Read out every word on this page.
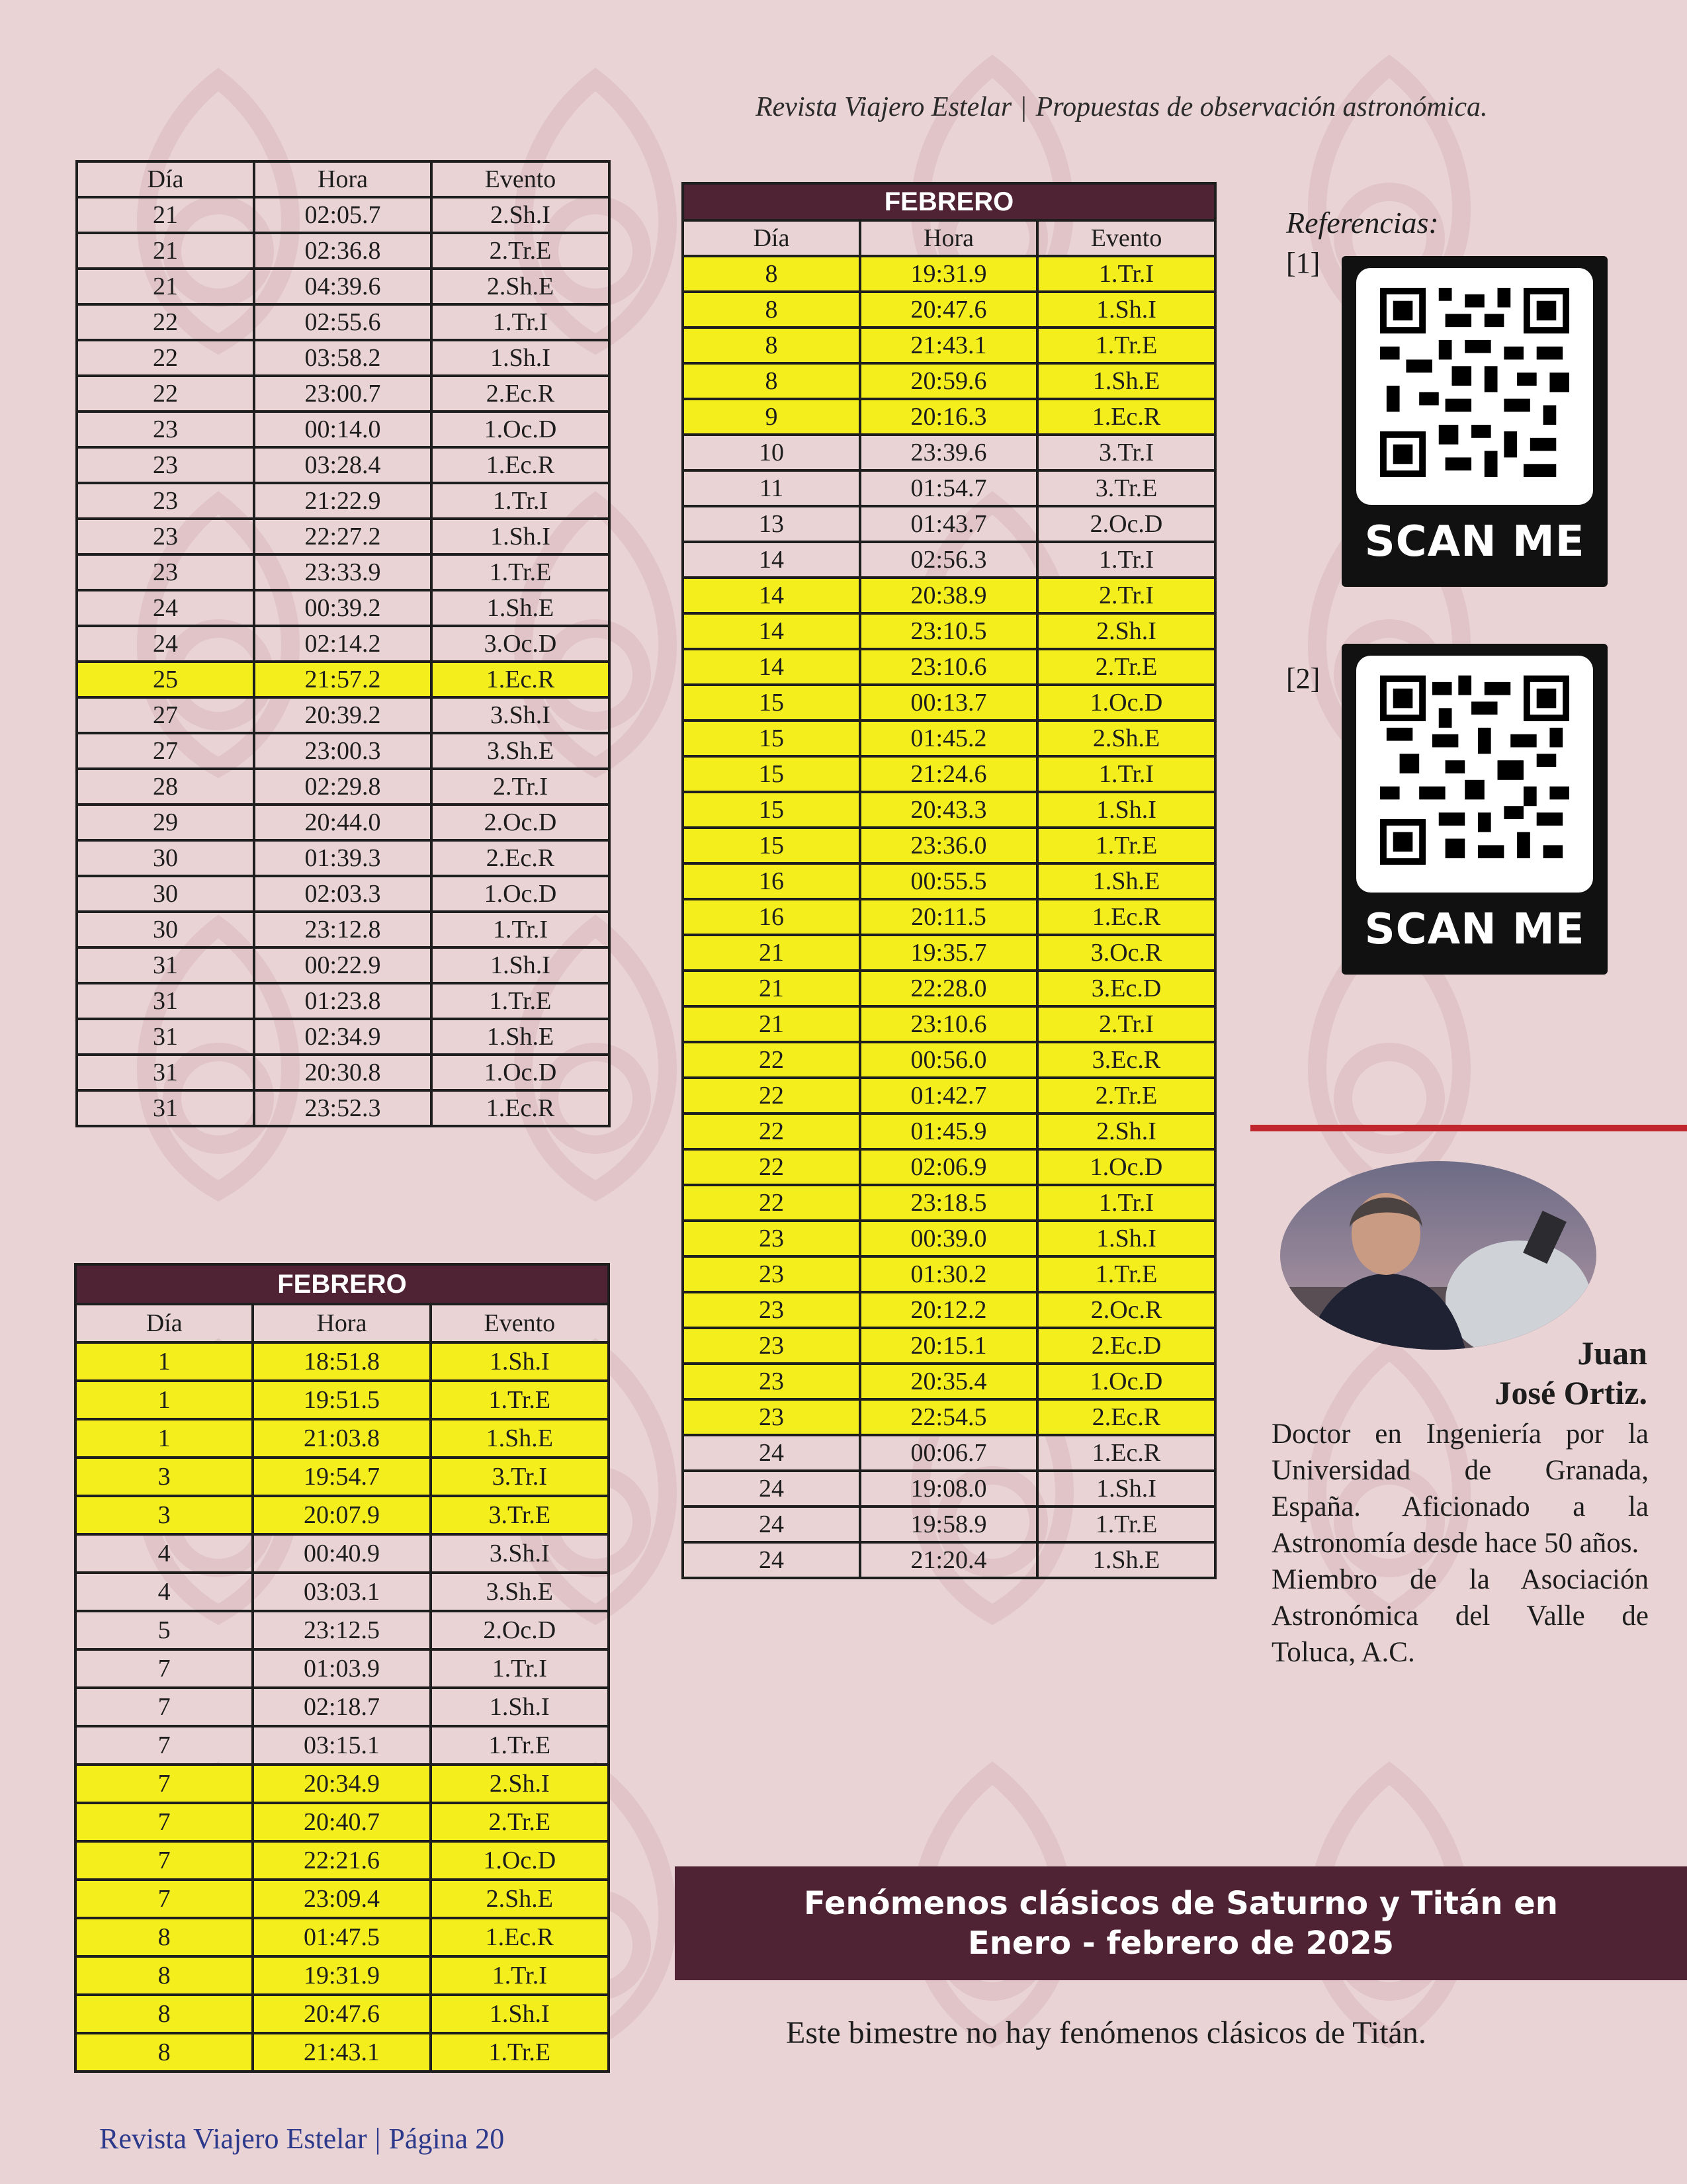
Revista Viajero Estelar | Propuestas de observación astronómica.
Día	Hora	Evento
21	02:05.7	2.Sh.I
21	02:36.8	2.Tr.E
21	04:39.6	2.Sh.E
22	02:55.6	1.Tr.I
22	03:58.2	1.Sh.I
22	23:00.7	2.Ec.R
23	00:14.0	1.Oc.D
23	03:28.4	1.Ec.R
23	21:22.9	1.Tr.I
23	22:27.2	1.Sh.I
23	23:33.9	1.Tr.E
24	00:39.2	1.Sh.E
24	02:14.2	3.Oc.D
25	21:57.2	1.Ec.R
27	20:39.2	3.Sh.I
27	23:00.3	3.Sh.E
28	02:29.8	2.Tr.I
29	20:44.0	2.Oc.D
30	01:39.3	2.Ec.R
30	02:03.3	1.Oc.D
30	23:12.8	1.Tr.I
31	00:22.9	1.Sh.I
31	01:23.8	1.Tr.E
31	02:34.9	1.Sh.E
31	20:30.8	1.Oc.D
31	23:52.3	1.Ec.R
FEBRERO		
Día	Hora	Evento
1	18:51.8	1.Sh.I
1	19:51.5	1.Tr.E
1	21:03.8	1.Sh.E
3	19:54.7	3.Tr.I
3	20:07.9	3.Tr.E
4	00:40.9	3.Sh.I
4	03:03.1	3.Sh.E
5	23:12.5	2.Oc.D
7	01:03.9	1.Tr.I
7	02:18.7	1.Sh.I
7	03:15.1	1.Tr.E
7	20:34.9	2.Sh.I
7	20:40.7	2.Tr.E
7	22:21.6	1.Oc.D
7	23:09.4	2.Sh.E
8	01:47.5	1.Ec.R
8	19:31.9	1.Tr.I
8	20:47.6	1.Sh.I
8	21:43.1	1.Tr.E
FEBRERO		
Día	Hora	Evento
8	19:31.9	1.Tr.I
8	20:47.6	1.Sh.I
8	21:43.1	1.Tr.E
8	20:59.6	1.Sh.E
9	20:16.3	1.Ec.R
10	23:39.6	3.Tr.I
11	01:54.7	3.Tr.E
13	01:43.7	2.Oc.D
14	02:56.3	1.Tr.I
14	20:38.9	2.Tr.I
14	23:10.5	2.Sh.I
14	23:10.6	2.Tr.E
15	00:13.7	1.Oc.D
15	01:45.2	2.Sh.E
15	21:24.6	1.Tr.I
15	20:43.3	1.Sh.I
15	23:36.0	1.Tr.E
16	00:55.5	1.Sh.E
16	20:11.5	1.Ec.R
21	19:35.7	3.Oc.R
21	22:28.0	3.Ec.D
21	23:10.6	2.Tr.I
22	00:56.0	3.Ec.R
22	01:42.7	2.Tr.E
22	01:45.9	2.Sh.I
22	02:06.9	1.Oc.D
22	23:18.5	1.Tr.I
23	00:39.0	1.Sh.I
23	01:30.2	1.Tr.E
23	20:12.2	2.Oc.R
23	20:15.1	2.Ec.D
23	20:35.4	1.Oc.D
23	22:54.5	2.Ec.R
24	00:06.7	1.Ec.R
24	19:08.0	1.Sh.I
24	19:58.9	1.Tr.E
24	21:20.4	1.Sh.E
Referencias:
[1]
SCAN ME
[2]
SCAN ME
Juan
José Ortiz.

Doctor en Ingeniería por la Universidad de Granada, España. Aficionado a la Astronomía desde hace 50 años.

Miembro de la Asociación Astronómica del Valle de Toluca, A.C.

Fenómenos clásicos de Saturno y Titán en Enero - febrero de 2025
Este bimestre no hay fenómenos clásicos de Titán.
Revista Viajero Estelar | Página 20
